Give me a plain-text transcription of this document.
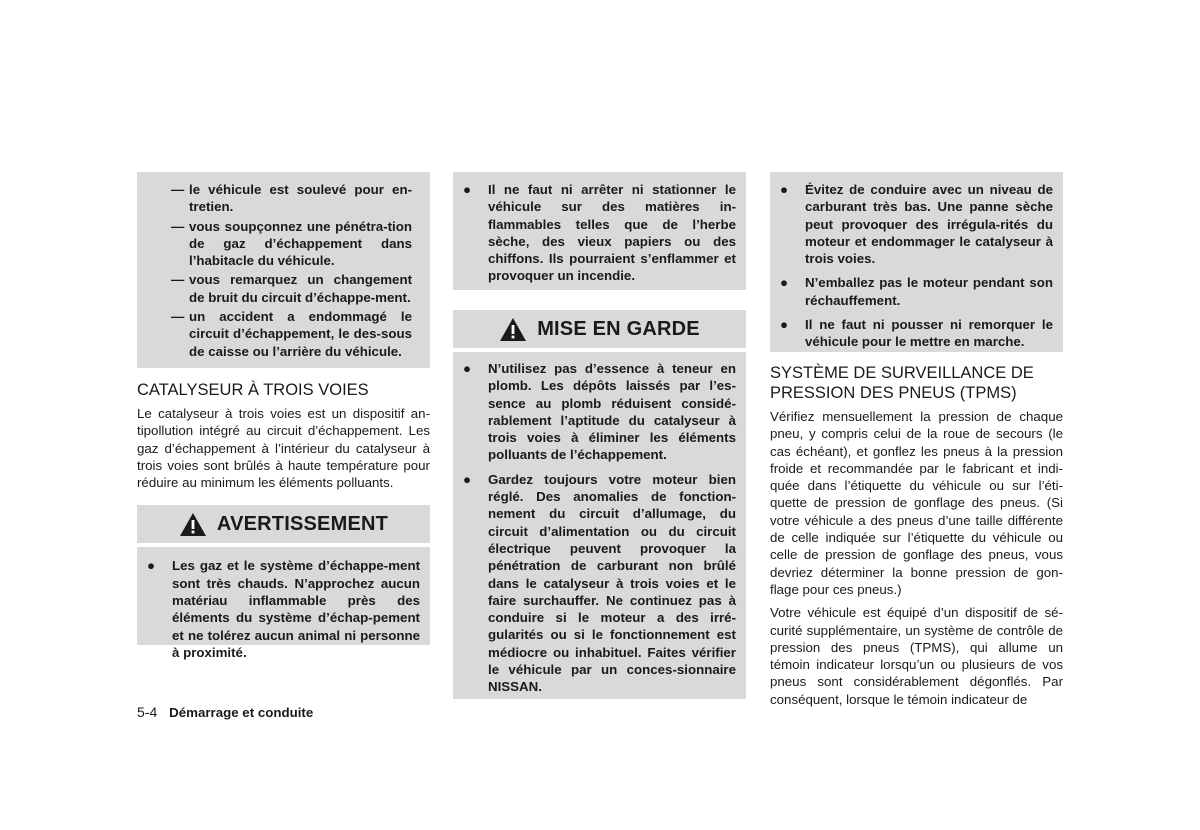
— le véhicule est soulevé pour en-tretien.
— vous soupçonnez une pénétra-tion de gaz d’échappement dans l’habitacle du véhicule.
— vous remarquez un changement de bruit du circuit d’échappe-ment.
— un accident a endommagé le circuit d’échappement, le des-sous de caisse ou l’arrière du véhicule.
CATALYSEUR À TROIS VOIES

Le catalyseur à trois voies est un dispositif an-tipollution intégré au circuit d’échappement. Les gaz d’échappement à l’intérieur du catalyseur à trois voies sont brûlés à haute température pour réduire au minimum les éléments polluants.

AVERTISSEMENT
● Les gaz et le système d’échappe-ment sont très chauds. N’approchez aucun matériau inflammable près des éléments du système d’échap-pement et ne tolérez aucun animal ni personne à proximité.
● Il ne faut ni arrêter ni stationner le véhicule sur des matières in-flammables telles que de l’herbe sèche, des vieux papiers ou des chiffons. Ils pourraient s’enflammer et provoquer un incendie.
MISE EN GARDE
● N’utilisez pas d’essence à teneur en plomb. Les dépôts laissés par l’es-sence au plomb réduisent considé-rablement l’aptitude du catalyseur à trois voies à éliminer les éléments polluants de l’échappement.
● Gardez toujours votre moteur bien réglé. Des anomalies de fonction-nement du circuit d’allumage, du circuit d’alimentation ou du circuit électrique peuvent provoquer la pénétration de carburant non brûlé dans le catalyseur à trois voies et le faire surchauffer. Ne continuez pas à conduire si le moteur a des irré-gularités ou si le fonctionnement est médiocre ou inhabituel. Faites vérifier le véhicule par un conces-sionnaire NISSAN.
● Évitez de conduire avec un niveau de carburant très bas. Une panne sèche peut provoquer des irrégula-rités du moteur et endommager le catalyseur à trois voies.
● N’emballez pas le moteur pendant son réchauffement.
● Il ne faut ni pousser ni remorquer le véhicule pour le mettre en marche.
SYSTÈME DE SURVEILLANCE DE PRESSION DES PNEUS (TPMS)

Vérifiez mensuellement la pression de chaque pneu, y compris celui de la roue de secours (le cas échéant), et gonflez les pneus à la pression froide et recommandée par le fabricant et indi-quée dans l’étiquette du véhicule ou sur l’éti-quette de pression de gonflage des pneus. (Si votre véhicule a des pneus d’une taille différente de celle indiquée sur l’étiquette du véhicule ou celle de pression de gonflage des pneus, vous devriez déterminer la bonne pression de gon-flage pour ces pneus.)

Votre véhicule est équipé d’un dispositif de sé-curité supplémentaire, un système de contrôle de pression des pneus (TPMS), qui allume un témoin indicateur lorsqu’un ou plusieurs de vos pneus sont considérablement dégonflés. Par conséquent, lorsque le témoin indicateur de

5-4 Démarrage et conduite
